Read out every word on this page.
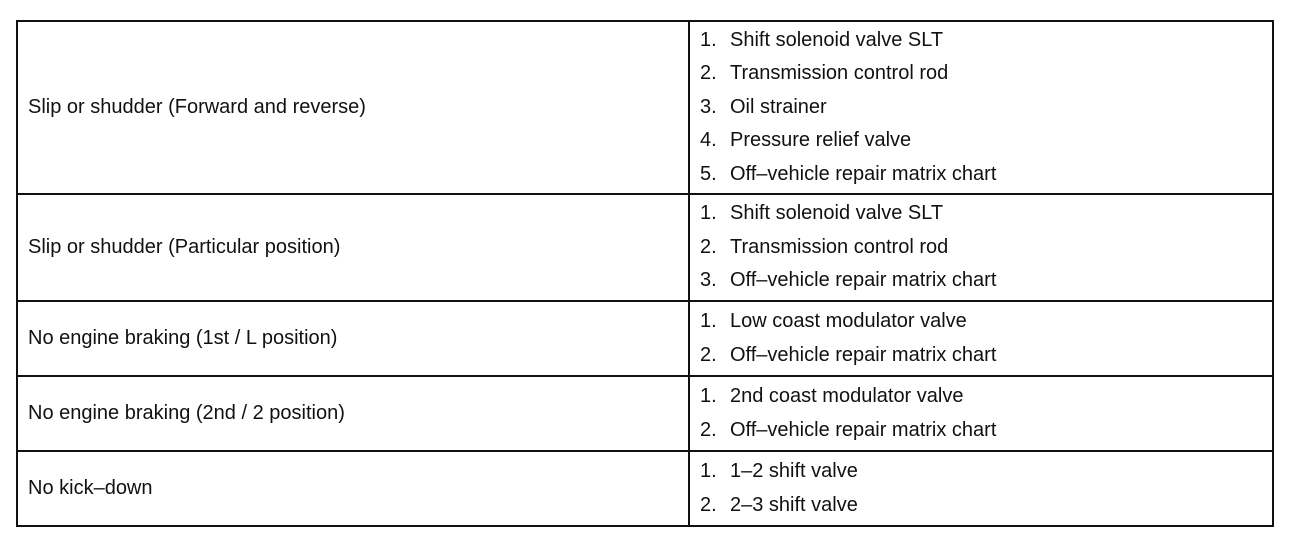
Slip or shudder (Forward and reverse)	1. Shift solenoid valve SLT
2. Transmission control rod
3. Oil strainer
4. Pressure relief valve
5. Off–vehicle repair matrix chart

Slip or shudder (Particular position)	1. Shift solenoid valve SLT
2. Transmission control rod
3. Off–vehicle repair matrix chart

No engine braking (1st / L position)	1. Low coast modulator valve
2. Off–vehicle repair matrix chart

No engine braking (2nd / 2 position)	1. 2nd coast modulator valve
2. Off–vehicle repair matrix chart

No kick–down	1. 1–2 shift valve
2. 2–3 shift valve
